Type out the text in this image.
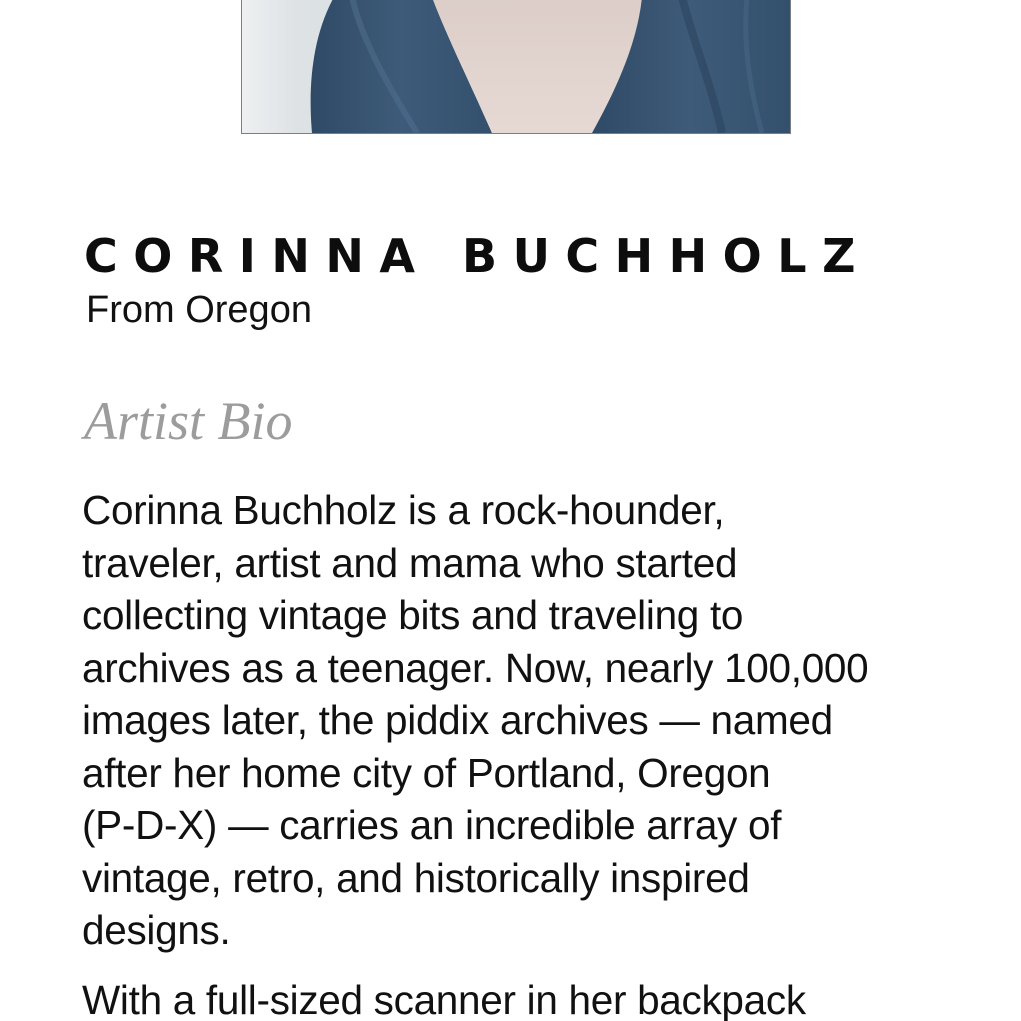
CORINNA BUCHHOLZ

From Oregon

Artist Bio
Corinna Buchholz is a rock-hounder,
traveler, artist and mama who started
collecting vintage bits and traveling to
archives as a teenager. Now, nearly 100,000
images later, the piddix archives — named
after her home city of Portland, Oregon
(P-D-X) — carries an incredible array of
vintage, retro, and historically inspired
designs.
With a full-sized scanner in her backpack
